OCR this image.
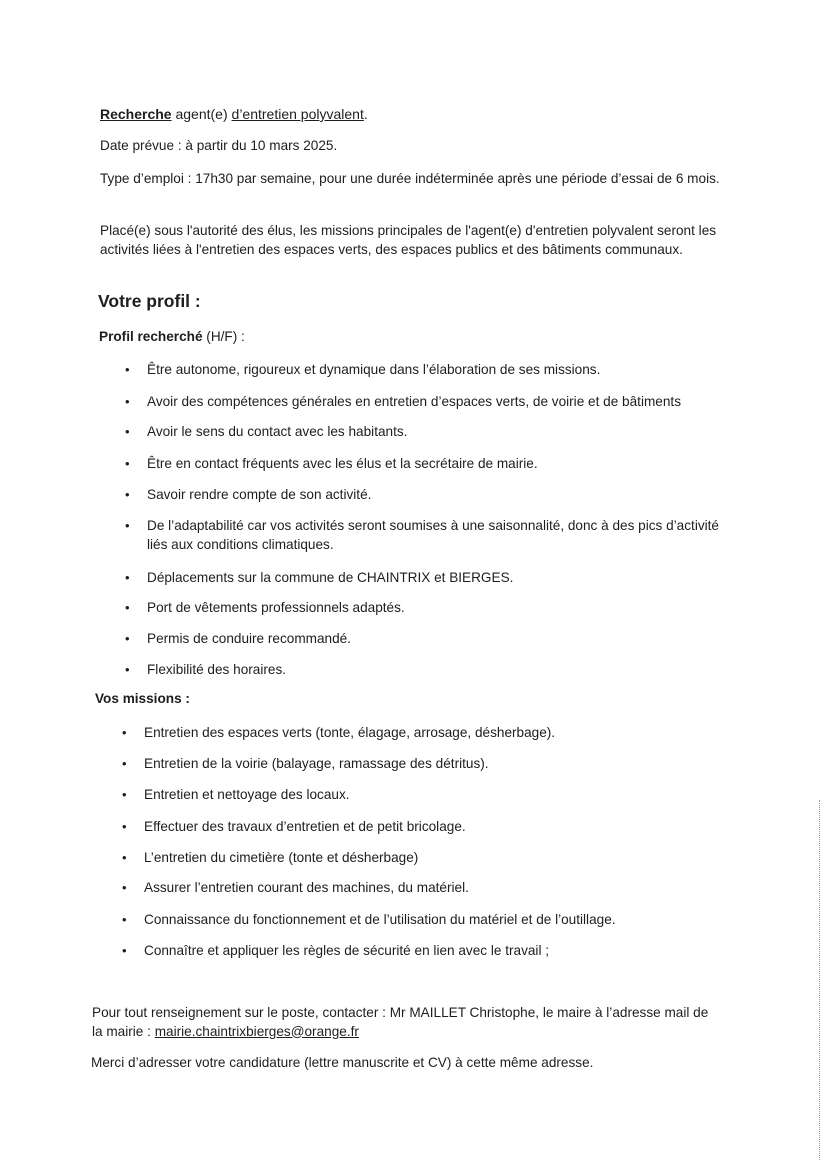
Recherche agent(e) d’entretien polyvalent.
Date prévue : à partir du 10 mars 2025.
Type d’emploi : 17h30 par semaine, pour une durée indéterminée après une période d’essai de 6 mois.
Placé(e) sous l'autorité des élus, les missions principales de l'agent(e) d'entretien polyvalent seront les activités liées à l'entretien des espaces verts, des espaces publics et des bâtiments communaux.
Votre profil :
Profil recherché (H/F) :
• Être autonome, rigoureux et dynamique dans l’élaboration de ses missions.
• Avoir des compétences générales en entretien d’espaces verts, de voirie et de bâtiments
• Avoir le sens du contact avec les habitants.
• Être en contact fréquents avec les élus et la secrétaire de mairie.
• Savoir rendre compte de son activité.
• De l’adaptabilité car vos activités seront soumises à une saisonnalité, donc à des pics d’activité liés aux conditions climatiques.
• Déplacements sur la commune de CHAINTRIX et BIERGES.
• Port de vêtements professionnels adaptés.
• Permis de conduire recommandé.
• Flexibilité des horaires.
Vos missions :
• Entretien des espaces verts (tonte, élagage, arrosage, désherbage).
• Entretien de la voirie (balayage, ramassage des détritus).
• Entretien et nettoyage des locaux.
• Effectuer des travaux d’entretien et de petit bricolage.
• L’entretien du cimetière (tonte et désherbage)
• Assurer l’entretien courant des machines, du matériel.
• Connaissance du fonctionnement et de l’utilisation du matériel et de l’outillage.
• Connaître et appliquer les règles de sécurité en lien avec le travail ;
Pour tout renseignement sur le poste, contacter : Mr MAILLET Christophe, le maire à l’adresse mail de la mairie : mairie.chaintrixbierges@orange.fr
Merci d’adresser votre candidature (lettre manuscrite et CV) à cette même adresse.
